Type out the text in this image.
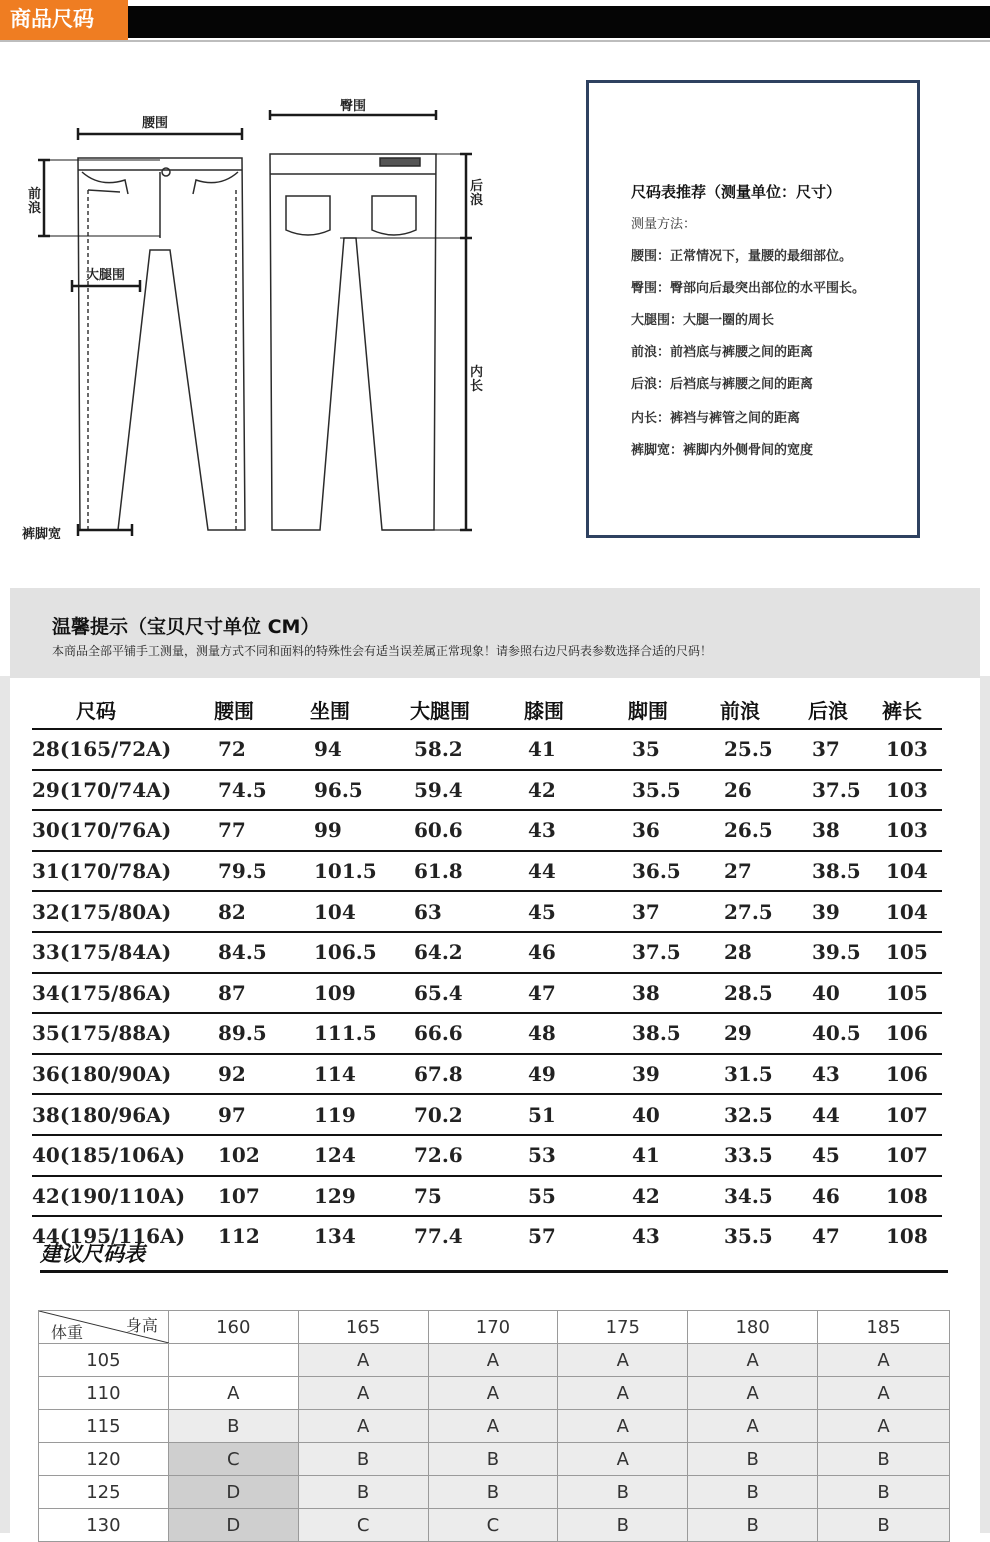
商品尺码
腰围
臀围
前浪
后浪
大腿围
内长
裤脚宽
尺码表推荐（测量单位：尺寸）
测量方法：
腰围：正常情况下，量腰的最细部位。
臀围：臀部向后最突出部位的水平围长。
大腿围：大腿一圈的周长
前浪：前裆底与裤腰之间的距离
后浪：后裆底与裤腰之间的距离
内长：裤裆与裤管之间的距离
裤脚宽：裤脚内外侧骨间的宽度
温馨提示（宝贝尺寸单位 CM）
本商品全部平铺手工测量，测量方式不同和面料的特殊性会有适当误差属正常现象！请参照右边尺码表参数选择合适的尺码！
尺码	腰围	坐围	大腿围	膝围	脚围	前浪	后浪	裤长
28(165/72A)	72	94	58.2	41	35	25.5	37	103
29(170/74A)	74.5	96.5	59.4	42	35.5	26	37.5	103
30(170/76A)	77	99	60.6	43	36	26.5	38	103
31(170/78A)	79.5	101.5	61.8	44	36.5	27	38.5	104
32(175/80A)	82	104	63	45	37	27.5	39	104
33(175/84A)	84.5	106.5	64.2	46	37.5	28	39.5	105
34(175/86A)	87	109	65.4	47	38	28.5	40	105
35(175/88A)	89.5	111.5	66.6	48	38.5	29	40.5	106
36(180/90A)	92	114	67.8	49	39	31.5	43	106
38(180/96A)	97	119	70.2	51	40	32.5	44	107
40(185/106A)	102	124	72.6	53	41	33.5	45	107
42(190/110A)	107	129	75	55	42	34.5	46	108
44(195/116A)	112	134	77.4	57	43	35.5	47	108
建议尺码表
身高
体重	160	165	170	175	180	185
105		A	A	A	A	A
110	A	A	A	A	A	A
115	B	A	A	A	A	A
120	C	B	B	A	B	B
125	D	B	B	B	B	B
130	D	C	C	B	B	B
